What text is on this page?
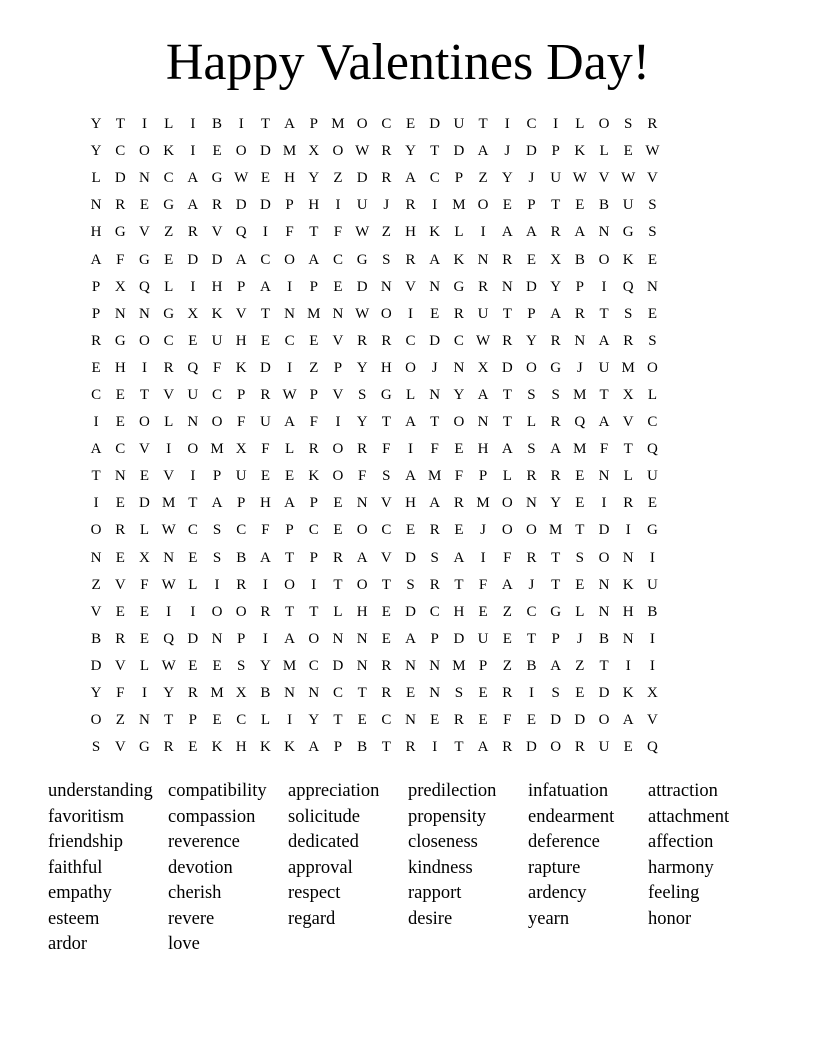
Happy Valentines Day!
Y T	I	L	I	B	I	T A P M O C E D U T	I	C	I	L O S	R
Y C O K	I	E O D M X O W R Y T D A	J	D P K L	E W
L D N C A G W E H Y Z D R A C	P	Z Y	J	U W V W V
N R E G A R D D P H	I	U	J	R	I	M O E	P	T	E B U S
H G V Z R V Q	I	F	T	F W Z H K L	I	A A R A N G S
A F G E D D A C O A C G S	R A K N R E X B O K E
P X Q L	I	H P A	I	P	E D N V N G R N D Y P	I	Q N
P N N G X K V T N M N W O	I	E R U T	P A R T	S	E
R G O C E U H E C E V R R C D C W R Y R N A R	S
E H	I	R Q F K D	I	Z	P Y H O	J	N X D O G	J	U M O
C E	T V U C	P	R W P V S G L N Y A T	S	S M T X L
I	E O L N O F U A F	I	Y T A T O N T	L R Q A V C
A C V	I	O M X F	L R O R	F	I	F	E H A S A M F	T Q
T N E V	I	P U E	E K O F	S A M F	P	L R R E N L U
I	E D M T A P H A P	E N V H A R M O N Y E	I	R E
O R L W C	S	C	F	P	C E O C E R E	J	O O M T D	I	G
N E X N E	S	B A T	P	R A V D S A	I	F	R T	S O N	I
Z V F W L	I	R	I	O	I	T O T	S	R T	F A	J	T	E N K U
V E	E	I	I	O O R T	T	L H E D C H E	Z C G L N H B
B R E Q D N P	I	A O N N E A P D U E	T	P	J	B N	I
D V L W E	E	S Y M C D N R N N M P	Z B A Z	T	I	I
Y F	I	Y R M X B N N C T R E N S	E R	I	S	E D K X
O Z N T	P	E C L	I	Y T	E C N E R E	F	E D D O A V
S V G R E K H K K A P	B T R	I	T A R D O R U E Q
understanding compatibility	appreciation	predilection	infatuation	attraction
favoritism	compassion	solicitude	propensity	endearment	attachment
friendship	reverence	dedicated	closeness	deference	affection
faithful	devotion	approval	kindness	rapture	harmony
empathy	cherish	respect	rapport	ardency	feeling
esteem	revere	regard	desire	yearn	honor
ardor	love
